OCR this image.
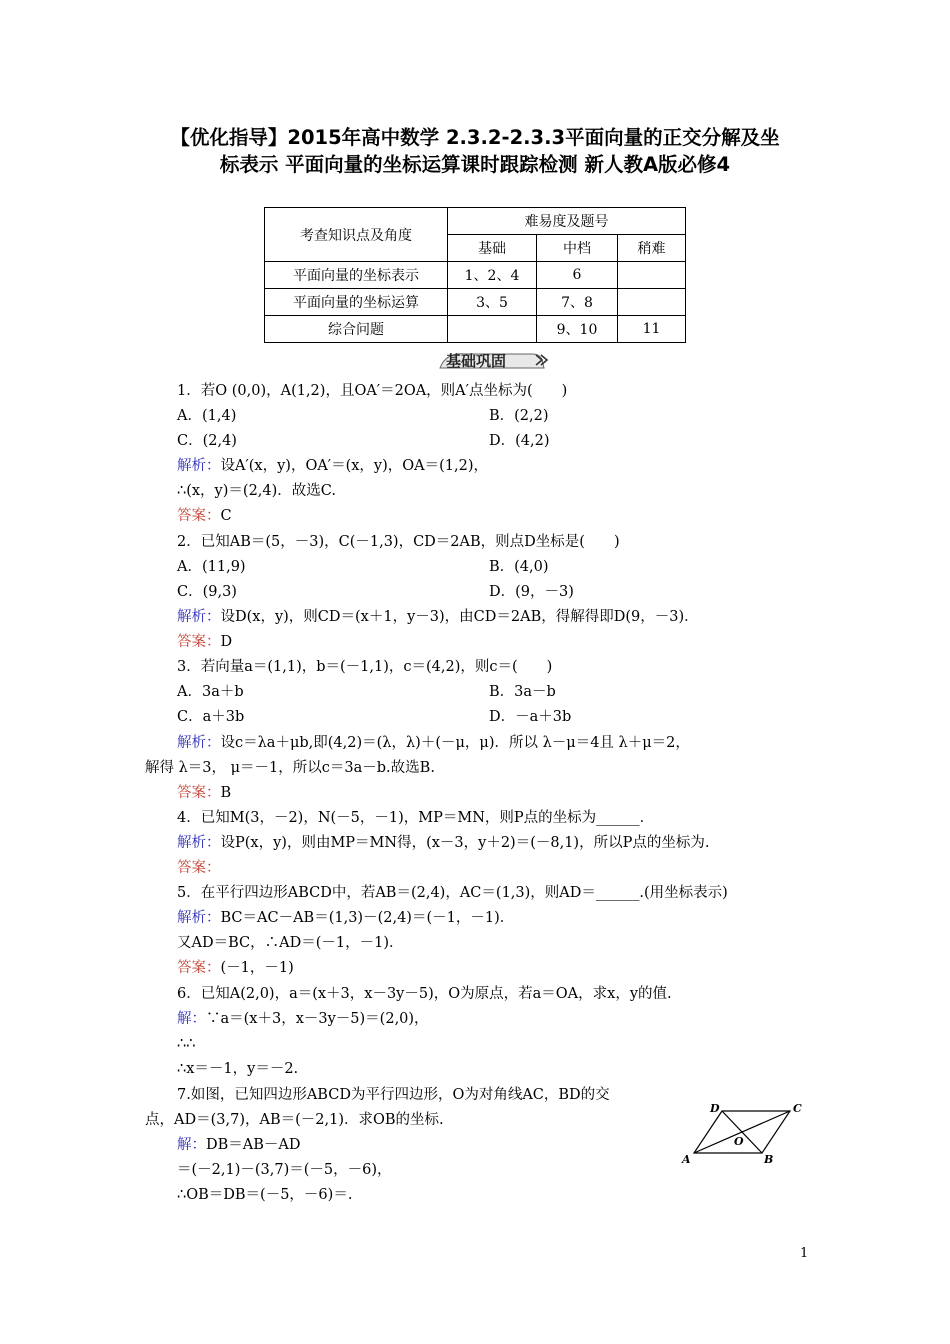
【优化指导】2015年高中数学 2.3.2-2.3.3平面向量的正交分解及坐
标表示 平面向量的坐标运算课时跟踪检测 新人教A版必修4
考查知识点及角度	难易度及题号		
	基础	中档	稍难
平面向量的坐标表示	1、2、4	6	
平面向量的坐标运算	3、5	7、8	
综合问题		9、10	11
基础巩固
1．若O (0,0)，A(1,2)，且OA′＝2OA，则A′点坐标为(　　)
A．(1,4)	B．(2,2)
C．(2,4)	D．(4,2)
解析：设A′(x，y)，OA′＝(x，y)，OA＝(1,2)，
∴(x，y)＝(2,4)．故选C.
答案：C
2．已知AB＝(5，－3)，C(－1,3)，CD＝2AB，则点D坐标是(　　)
A．(11,9)	B．(4,0)
C．(9,3)	D．(9，－3)
解析：设D(x，y)，则CD＝(x＋1，y－3)，由CD＝2AB，得解得即D(9，－3)．
答案：D
3．若向量a＝(1,1)，b＝(－1,1)，c＝(4,2)，则c＝(　　)
A．3a＋b	B．3a－b
C．a＋3b	D．－a＋3b
解析：设c＝λa＋μb,即(4,2)＝(λ，λ)＋(－μ，μ)．所以 λ－μ＝4且 λ＋μ＝2，
解得 λ＝3， μ＝－1，所以c＝3a－b.故选B.
答案：B
4．已知M(3，－2)，N(－5，－1)，MP＝MN，则P点的坐标为______．
解析：设P(x，y)，则由MP＝MN得，(x－3，y＋2)＝(－8,1)，所以P点的坐标为.
答案：
5．在平行四边形ABCD中，若AB＝(2,4)，AC＝(1,3)，则AD＝______.(用坐标表示)
解析：BC＝AC－AB＝(1,3)－(2,4)＝(－1，－1)．
又AD＝BC，∴AD＝(－1，－1)．
答案：(－1，－1)
6．已知A(2,0)，a＝(x＋3，x－3y－5)，O为原点，若a＝OA，求x，y的值.
解：∵a＝(x＋3，x－3y－5)＝(2,0)，
∴∴
∴x＝－1，y＝－2.
7.如图，已知四边形ABCD为平行四边形，O为对角线AC，BD的交
点，AD＝(3,7)，AB＝(－2,1)．求OB的坐标.
解：DB＝AB－AD
＝(－2,1)－(3,7)＝(－5，－6)，
∴OB＝DB＝(－5，－6)＝.
A	B
C
D
O
1
